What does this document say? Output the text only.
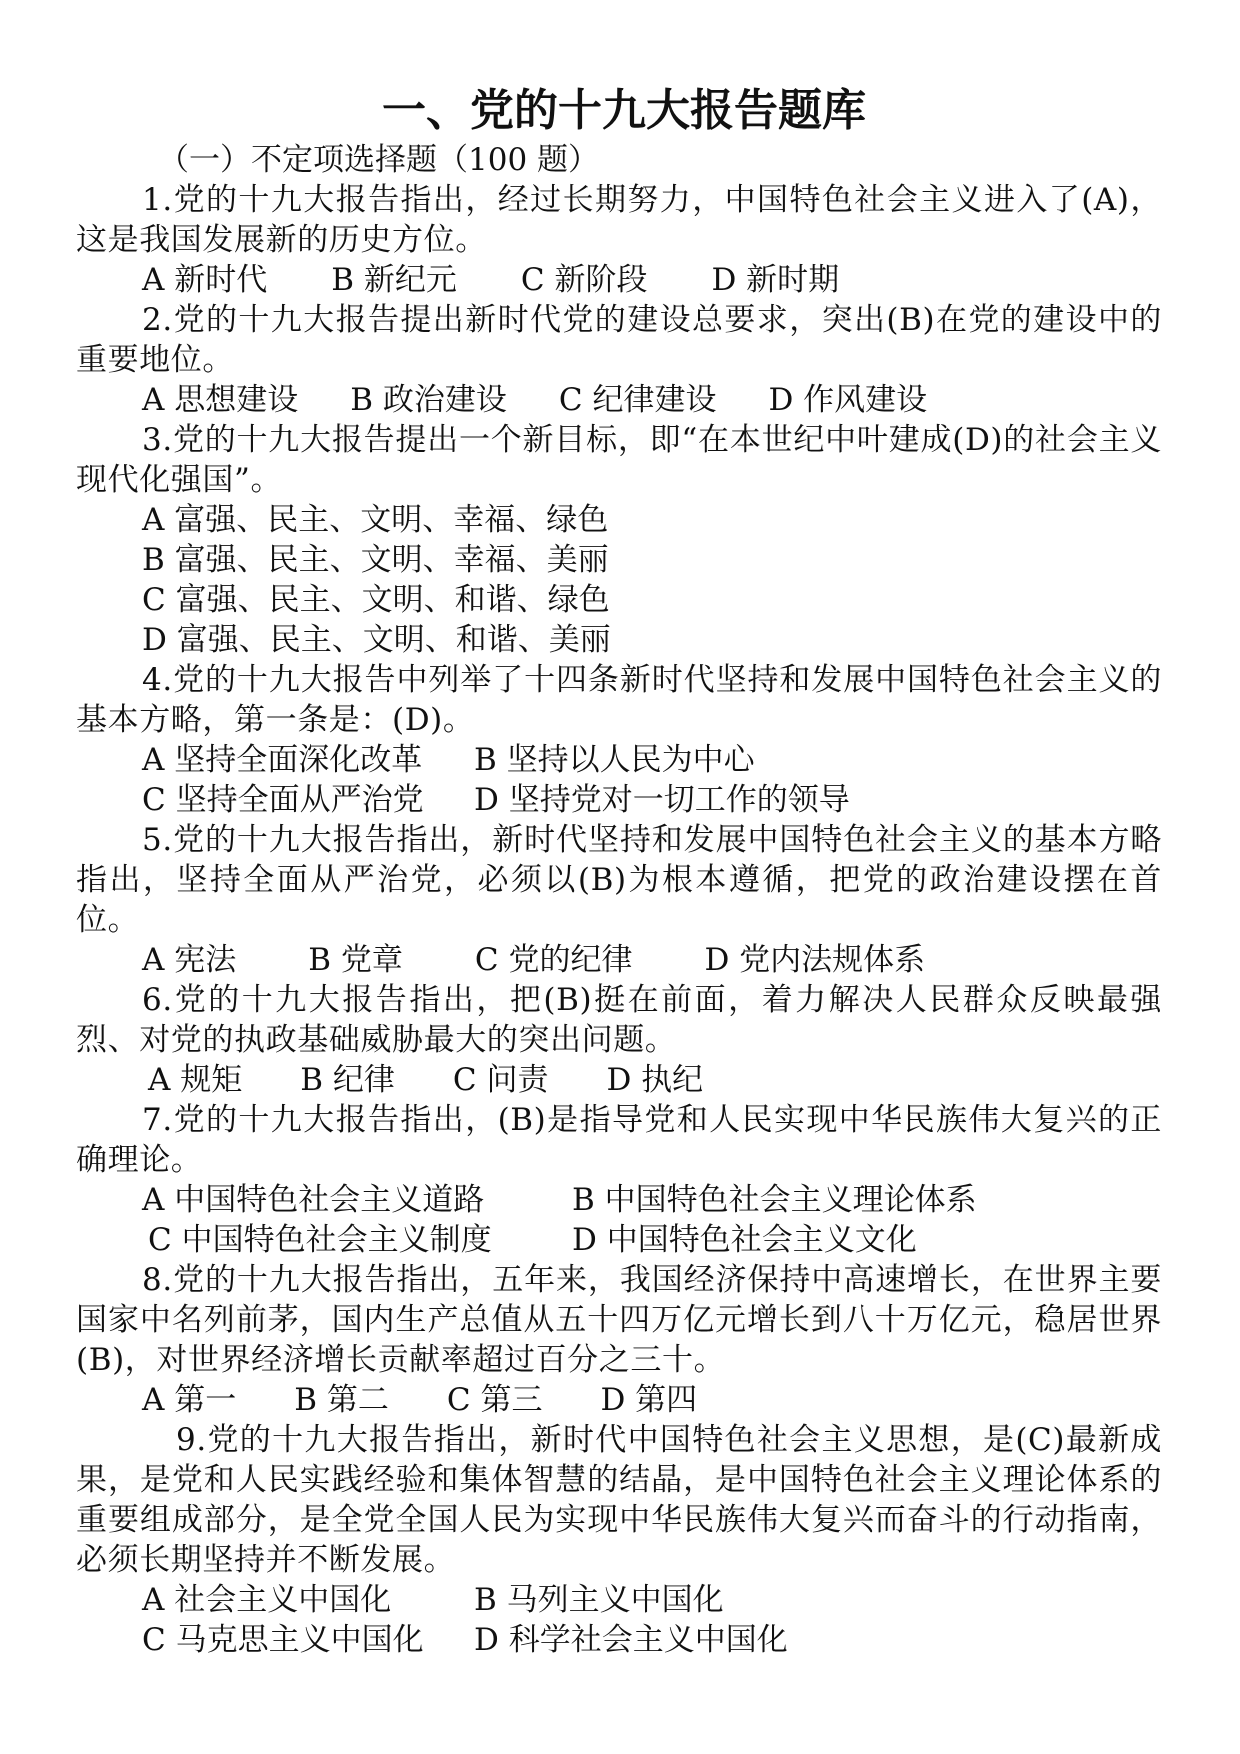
一、党的十九大报告题库

（一）不定项选择题（100 题）

1.党的十九大报告指出，经过长期努力，中国特色社会主义进入了(A)，这是我国发展新的历史方位。

A 新时代 B 新纪元 C 新阶段 D 新时期

2.党的十九大报告提出新时代党的建设总要求，突出(B)在党的建设中的重要地位。

A 思想建设 B 政治建设 C 纪律建设 D 作风建设

3.党的十九大报告提出一个新目标，即“在本世纪中叶建成(D)的社会主义现代化强国”。

A 富强、民主、文明、幸福、绿色
B 富强、民主、文明、幸福、美丽
C 富强、民主、文明、和谐、绿色
D 富强、民主、文明、和谐、美丽

4.党的十九大报告中列举了十四条新时代坚持和发展中国特色社会主义的基本方略，第一条是：(D)。

A 坚持全面深化改革	B 坚持以人民为中心
C 坚持全面从严治党	D 坚持党对一切工作的领导

5.党的十九大报告指出，新时代坚持和发展中国特色社会主义的基本方略指出，坚持全面从严治党，必须以(B)为根本遵循，把党的政治建设摆在首位。

A 宪法 B 党章 C 党的纪律 D 党内法规体系

6.党的十九大报告指出，把(B)挺在前面，着力解决人民群众反映最强烈、对党的执政基础威胁最大的突出问题。

A 规矩 B 纪律 C 问责 D 执纪

7.党的十九大报告指出，(B)是指导党和人民实现中华民族伟大复兴的正确理论。

A 中国特色社会主义道路	B 中国特色社会主义理论体系
C 中国特色社会主义制度	D 中国特色社会主义文化

8.党的十九大报告指出，五年来，我国经济保持中高速增长，在世界主要国家中名列前茅，国内生产总值从五十四万亿元增长到八十万亿元，稳居世界(B)，对世界经济增长贡献率超过百分之三十。

A 第一 B 第二 C 第三 D 第四

9.党的十九大报告指出，新时代中国特色社会主义思想，是(C)最新成果，是党和人民实践经验和集体智慧的结晶，是中国特色社会主义理论体系的重要组成部分，是全党全国人民为实现中华民族伟大复兴而奋斗的行动指南，必须长期坚持并不断发展。

A 社会主义中国化	B 马列主义中国化
C 马克思主义中国化	D 科学社会主义中国化
